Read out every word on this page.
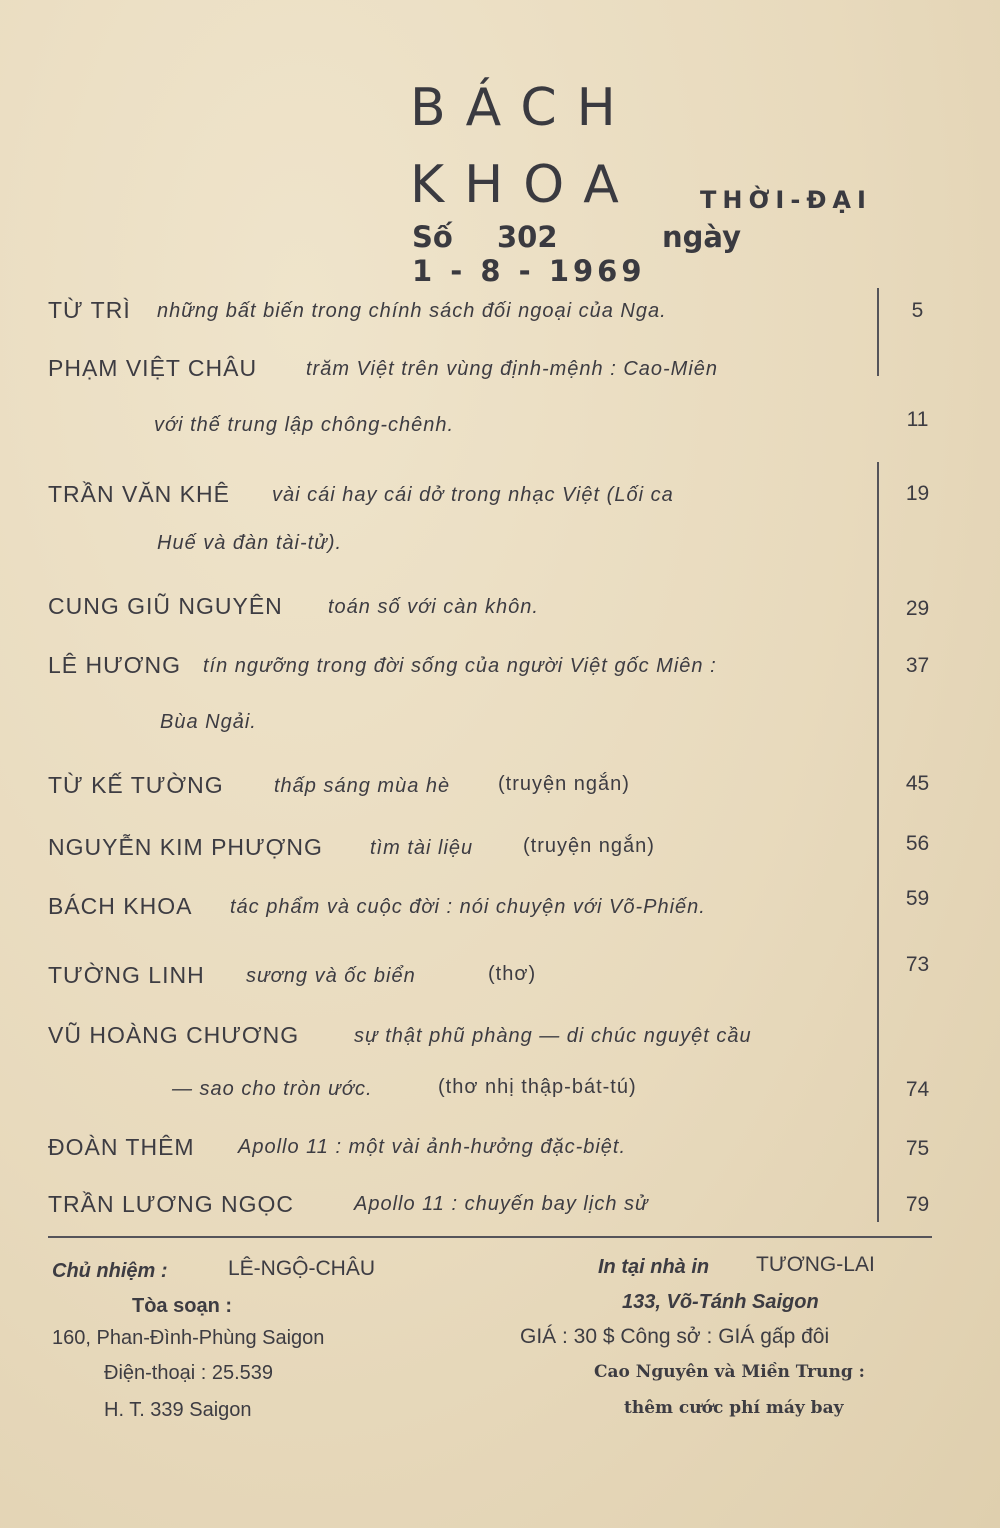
BÁCH
KHOA	THỜI-ĐẠI
Số 302	ngày1 - 8 - 1969
TỪ TRÌ những bất biến trong chính sách đối ngoại của Nga.	5
PHẠM VIỆT CHÂU trăm Việt trên vùng định-mệnh : Cao-Miên
với thế trung lập chông-chênh.	11
TRẦN VĂN KHÊ vài cái hay cái dở trong nhạc Việt (Lối ca
Huế và đàn tài-tử).
19
CUNG GIŨ NGUYÊN toán số với càn khôn.	29
LÊ HƯƠNG tín ngưỡng trong đời sống của người Việt gốc Miên :
Bùa Ngải.
37
TỪ KẾ TƯỜNG	thấp sáng mùa hè (truyện ngắn)	45
NGUYỄN KIM PHƯỢNG tìm tài liệu (truyện ngắn)	56
BÁCH KHOA tác phẩm và cuộc đời : nói chuyện với Võ-Phiến.	59
TƯỜNG LINH sương và ốc biển	(thơ)	73
VŨ HOÀNG CHƯƠNG	sự thật phũ phàng — di chúc nguyệt cầu
— sao cho tròn ước.	(thơ nhị thập-bát-tú)	74
ĐOÀN THÊM Apollo 11 : một vài ảnh-hưởng đặc-biệt.	75
TRẦN LƯƠNG NGỌC	Apollo 11 : chuyến bay lịch sử	79
Chủ nhiệm :	LÊ-NGỘ-CHÂU
Tòa soạn :
160, Phan-Đình-Phùng Saigon
Điện-thoại : 25.539
H. T. 339 Saigon
In tại nhà in TƯƠNG-LAI
133, Võ-Tánh Saigon
GIÁ : 30 $ Công sở : GIÁ gấp đôi
Cao Nguyên và Miền Trung :
thêm cước phí máy bay
